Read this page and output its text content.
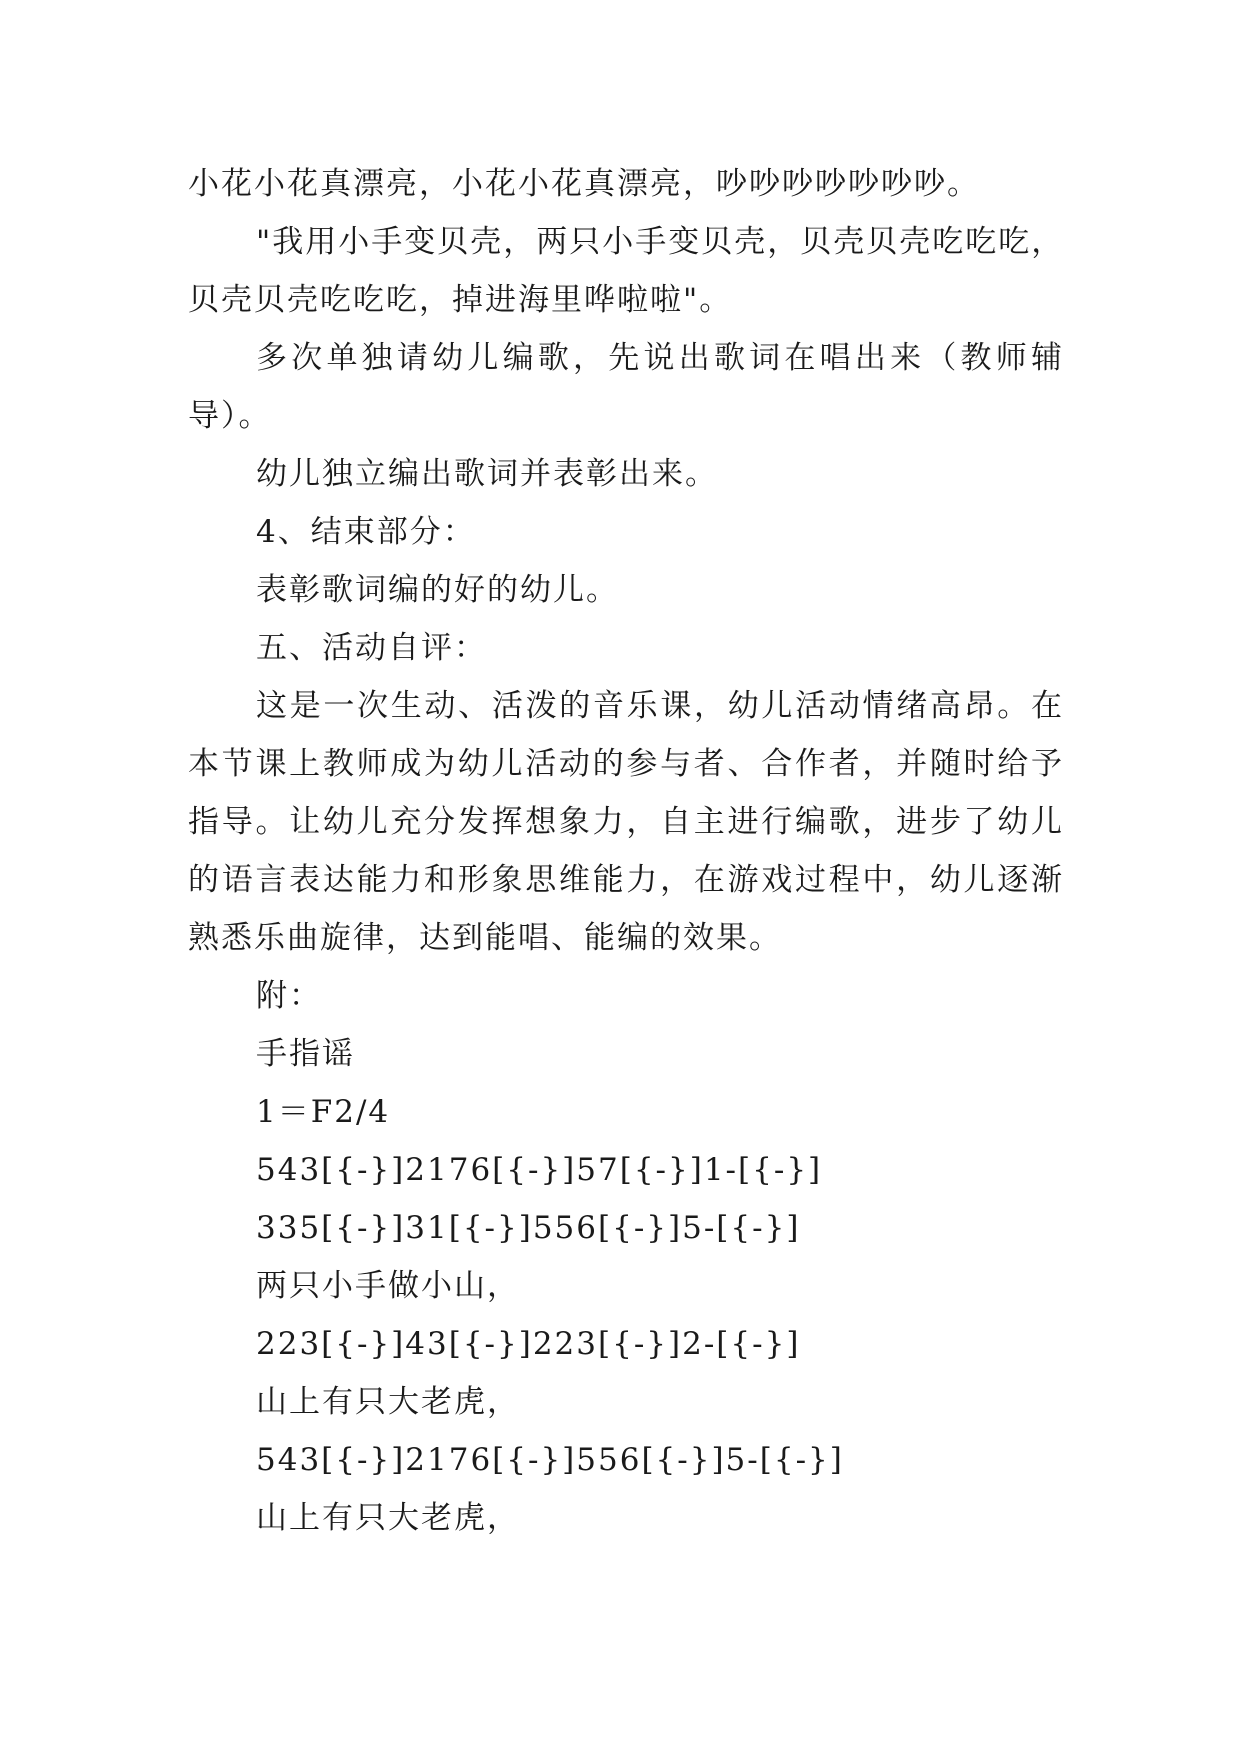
小花小花真漂亮，小花小花真漂亮，吵吵吵吵吵吵吵。
"我用小手变贝壳，两只小手变贝壳，贝壳贝壳吃吃吃，
贝壳贝壳吃吃吃，掉进海里哗啦啦"。
多次单独请幼儿编歌，先说出歌词在唱出来（教师辅
导）。
幼儿独立编出歌词并表彰出来。
4、结束部分：
表彰歌词编的好的幼儿。
五、活动自评：
这是一次生动、活泼的音乐课，幼儿活动情绪高昂。在
本节课上教师成为幼儿活动的参与者、合作者，并随时给予
指导。让幼儿充分发挥想象力，自主进行编歌，进步了幼儿
的语言表达能力和形象思维能力，在游戏过程中，幼儿逐渐
熟悉乐曲旋律，达到能唱、能编的效果。
附：
手指谣
1＝F2/4
543[{-}]2176[{-}]57[{-}]1-[{-}]
335[{-}]31[{-}]556[{-}]5-[{-}]
两只小手做小山，
223[{-}]43[{-}]223[{-}]2-[{-}]
山上有只大老虎，
543[{-}]2176[{-}]556[{-}]5-[{-}]
山上有只大老虎，
